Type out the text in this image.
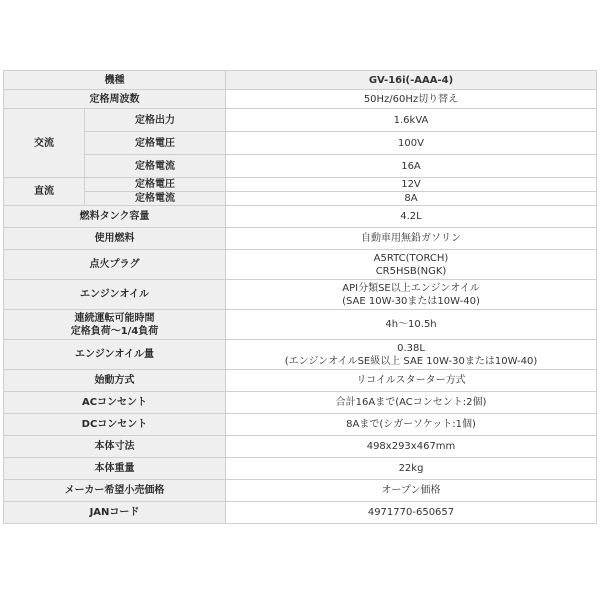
機種		GV-16i(-AAA-4)
定格周波数		50Hz/60Hz切り替え
交流	定格出力	1.6kVA
	定格電圧	100V
	定格電流	16A
直流	定格電圧	12V
	定格電流	8A
燃料タンク容量		4.2L
使用燃料		自動車用無鉛ガソリン
点火プラグ		A5RTC(TORCH)
CR5HSB(NGK)

エンジンオイル		API分類SE以上エンジンオイル
(SAE 10W-30または10W-40)

連続運転可能時間
定格負荷〜1/4負荷		4h〜10.5h
エンジンオイル量		0.38L
(エンジンオイルSE級以上 SAE 10W-30または10W-40)

始動方式		リコイルスターター方式
ACコンセント		合計16Aまで(ACコンセント:2個)
DCコンセント		8Aまで(シガーソケット:1個)
本体寸法		498x293x467mm
本体重量		22kg
メーカー希望小売価格		オープン価格
JANコード		4971770-650657
